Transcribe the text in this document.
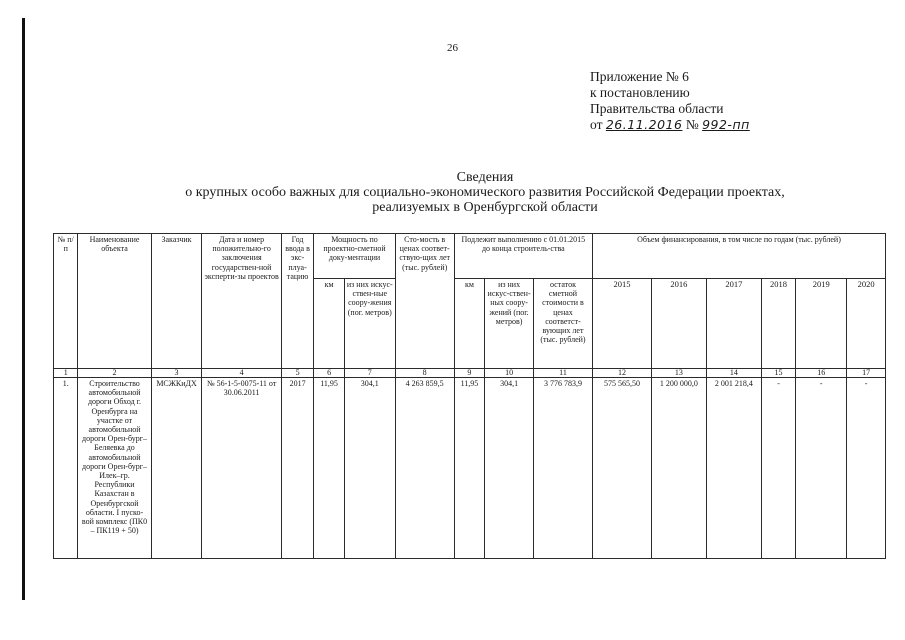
26
Приложение № 6
к постановлению
Правительства области
от 26.11.2016 № 992-пп
Сведения
о крупных особо важных для социально-экономического развития Российской Федерации проектах,
реализуемых в Оренбургской области
№ п/п	Наименование объекта	Заказчик	Дата и номер положительно-го заключения государствен-ной эксперти-зы проектов	Год ввода в экс-плуа-тацию	Мощность по проектно-сметной доку-ментации		Сто-мость в ценах соответ-ствую-щих лет (тыс. рублей)	Подлежит выполнению с 01.01.2015 до конца строитель-ства			Объем финансирования, в том числе по годам (тыс. рублей)					
					км	из них искус-ствен-ные соору-жения (пог. метров)		км	из них искус-ствен-ных соору-жений (пог. метров)	остаток сметной стоимости в ценах соответст-вующих лет (тыс. рублей)	2015	2016	2017	2018	2019	2020
1	2	3	4	5	6	7	8	9	10	11	12	13	14	15	16	17
1.	Строительство автомобильной дороги Обход г. Оренбурга на участке от автомобильной дороги Орен-бург–Беляевка до автомобильной дороги Орен-бург–Илек–гр. Республики Казахстан в Оренбургской области. I пуско-вой комплекс (ПК0 – ПК119 + 50)	МСЖКиДХ	№ 56-1-5-0075-11 от 30.06.2011	2017	11,95	304,1	4 263 859,5	11,95	304,1	3 776 783,9	575 565,50	1 200 000,0	2 001 218,4	-	-	-
